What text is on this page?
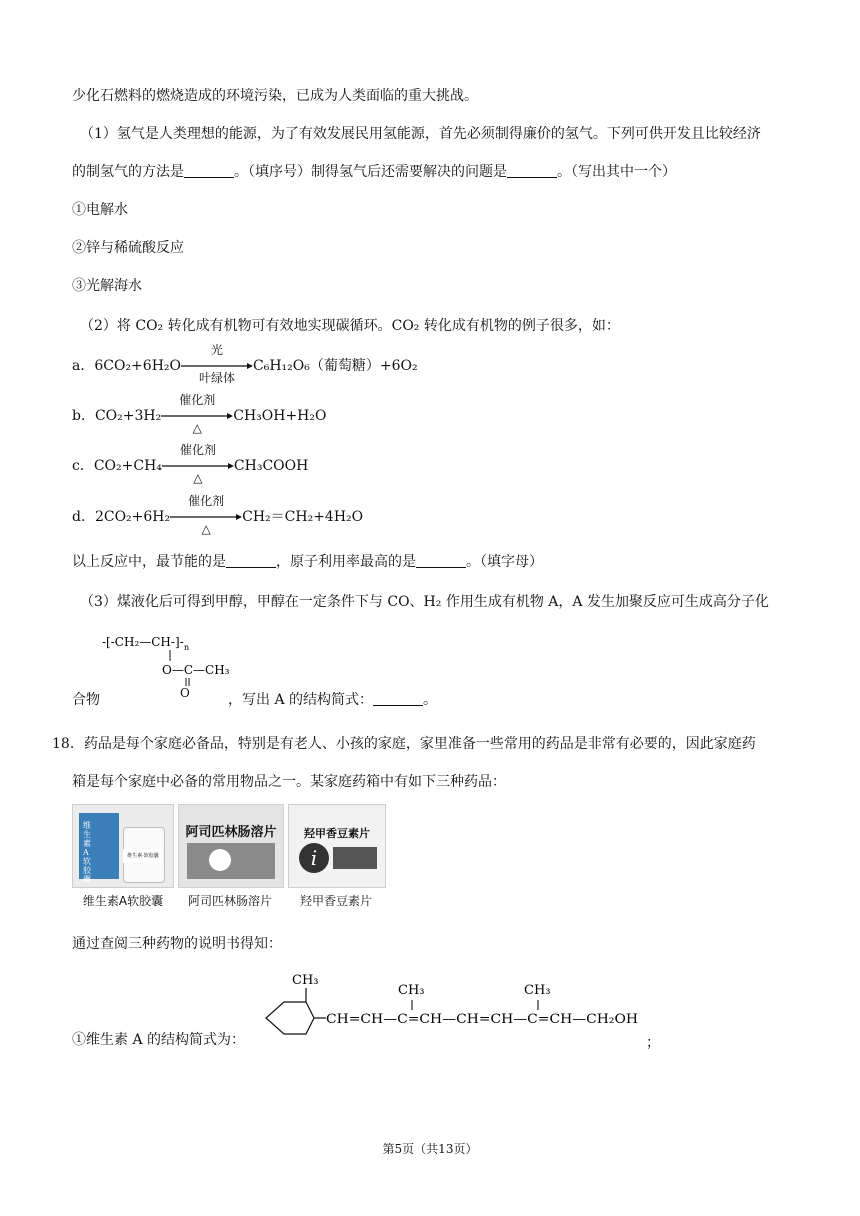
少化石燃料的燃烧造成的环境污染，已成为人类面临的重大挑战。
（1）氢气是人类理想的能源，为了有效发展民用氢能源，首先必须制得廉价的氢气。下列可供开发且比较经济
的制氢气的方法是	。（填序号）制得氢气后还需要解决的问题是	。（写出其中一个）
①电解水
②锌与稀硫酸反应
③光解海水
（2）将 CO₂ 转化成有机物可有效地实现碳循环。CO₂ 转化成有机物的例子很多，如：
a．6CO₂+6H₂O
光
叶绿体
C₆H₁₂O₆（葡萄糖）+6O₂
b．CO₂+3H₂
催化剂
△
CH₃OH+H₂O
c．CO₂+CH₄
催化剂
△
CH₃COOH
d．2CO₂+6H₂
催化剂
△
CH₂＝CH₂+4H₂O
以上反应中，最节能的是	，原子利用率最高的是	。（填字母）
（3）煤液化后可得到甲醇，甲醇在一定条件下与 CO、H₂ 作用生成有机物 A，A 发生加聚反应可生成高分子化
-[-CH₂—CH-]- n
O—C—CH₃
O
合物	，写出 A 的结构简式：	。
18．药品是每个家庭必备品，特别是有老人、小孩的家庭，家里准备一些常用的药品是非常有必要的，因此家庭药
箱是每个家庭中必备的常用物品之一。某家庭药箱中有如下三种药品：
维生素A软胶囊
维生素·软胶囊
阿司匹林肠溶片	羟甲香豆素片
i
维生素A软胶囊	阿司匹林肠溶片	羟甲香豆素片
通过查阅三种药物的说明书得知：
CH₃
CH=CH—C=CH—CH=CH—C=CH—CH₂OH
CH₃	CH₃
①维生素 A 的结构简式为：	；
第5页（共13页）
